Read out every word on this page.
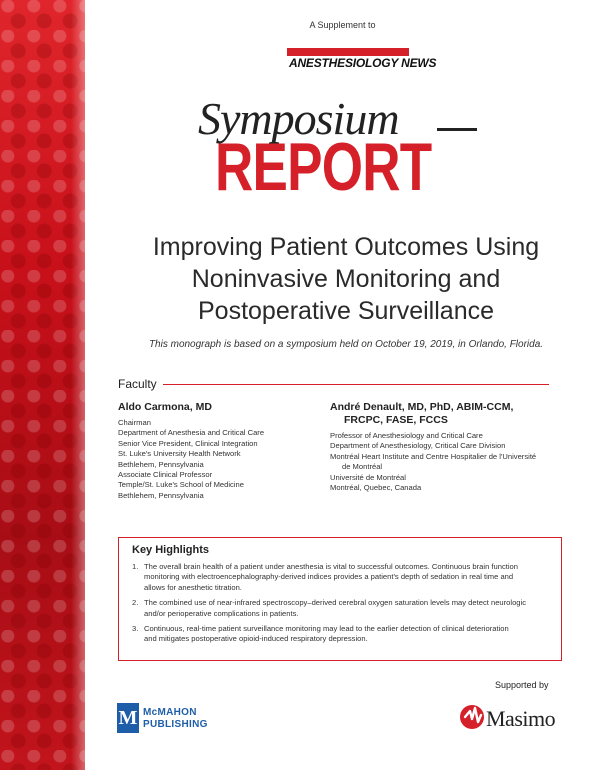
A Supplement to
ANESTHESIOLOGY NEWS
Symposium
REPORT
Improving Patient Outcomes Using
Noninvasive Monitoring and
Postoperative Surveillance
This monograph is based on a symposium held on October 19, 2019, in Orlando, Florida.
Faculty
Aldo Carmona, MD
Chairman
Department of Anesthesia and Critical Care
Senior Vice President, Clinical Integration
St. Luke's University Health Network
Bethlehem, Pennsylvania
Associate Clinical Professor
Temple/St. Luke's School of Medicine
Bethlehem, Pennsylvania
André Denault, MD, PhD, ABIM-CCM,
FRCPC, FASE, FCCS
Professor of Anesthesiology and Critical Care
Department of Anesthesiology, Critical Care Division
Montréal Heart Institute and Centre Hospitalier de l'Université
de Montréal
Université de Montréal
Montréal, Quebec, Canada
Key Highlights
1. The overall brain health of a patient under anesthesia is vital to successful outcomes. Continuous brain function
monitoring with electroencephalography-derived indices provides a patient's depth of sedation in real time and
allows for anesthetic titration.
2. The combined use of near-infrared spectroscopy–derived cerebral oxygen saturation levels may detect neurologic
and/or perioperative complications in patients.
3. Continuous, real-time patient surveillance monitoring may lead to the earlier detection of clinical deterioration
and mitigates postoperative opioid-induced respiratory depression.
Supported by
M McMAHON
PUBLISHING	Masimo
